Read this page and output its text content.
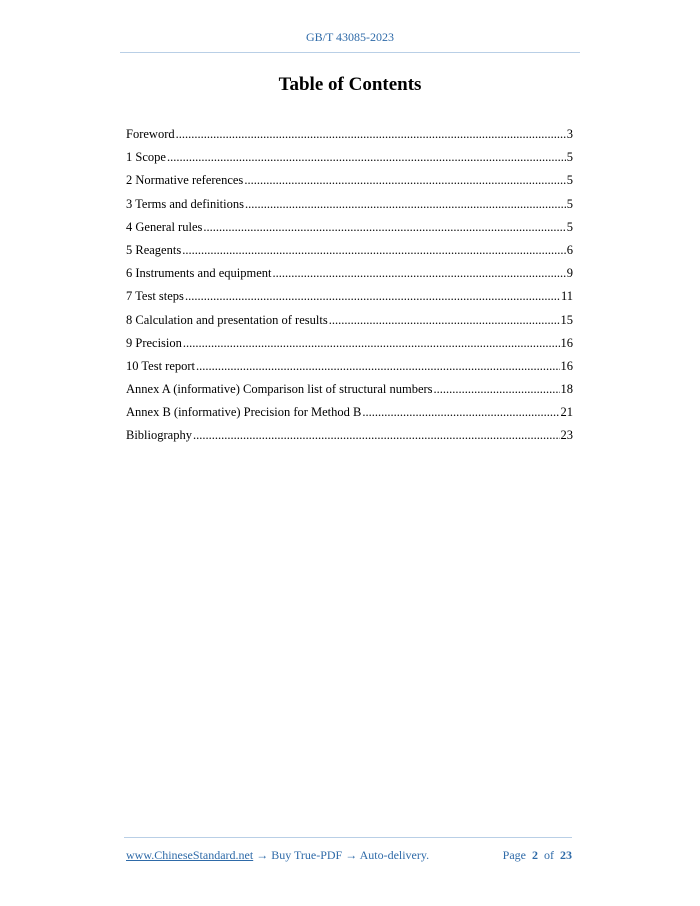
GB/T 43085-2023
Table of Contents
Foreword .....	3
1 Scope .....	5
2 Normative references .....	5
3 Terms and definitions .....	5
4 General rules .....	5
5 Reagents .....	6
6 Instruments and equipment .....	9
7 Test steps .....	11
8 Calculation and presentation of results .....	15
9 Precision .....	16
10 Test report .....	16
Annex A (informative) Comparison list of structural numbers .....	18
Annex B (informative) Precision for Method B .....	21
Bibliography .....	23
www.ChineseStandard.net → Buy True-PDF → Auto-delivery.	Page 2 of 23
